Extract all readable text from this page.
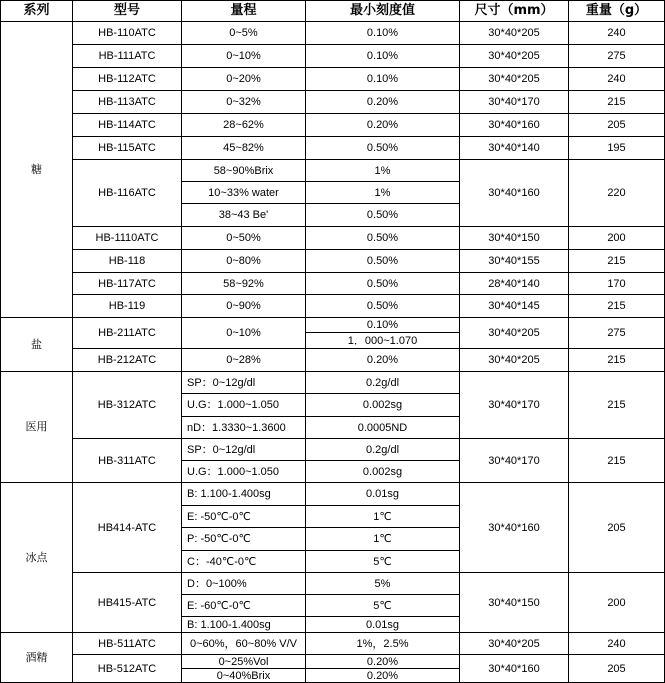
系列	型号	量程	最小刻度值	尺寸（mm）	重量（g）
糖	HB-110ATC	0~5%	0.10%	30*40*205	240
	HB-111ATC	0~10%	0.10%	30*40*205	275
	HB-112ATC	0~20%	0.10%	30*40*205	240
	HB-113ATC	0~32%	0.20%	30*40*170	215
	HB-114ATC	28~62%	0.20%	30*40*160	205
	HB-115ATC	45~82%	0.50%	30*40*140	195
	HB-116ATC	58~90%Brix	1%	30*40*160	220
		10~33% water	1%		
		38~43 Be'	0.50%		
	HB-1110ATC	0~50%	0.50%	30*40*150	200
	HB-118	0~80%	0.50%	30*40*155	215
	HB-117ATC	58~92%	0.50%	28*40*140	170
	HB-119	0~90%	0.50%	30*40*145	215
盐	HB-211ATC	0~10%	0.10%	30*40*205	275
			1．000~1.070		
	HB-212ATC	0~28%	0.20%	30*40*205	215
医用	HB-312ATC	SP：0~12g/dl	0.2g/dl	30*40*170	215
		U.G：1.000~1.050	0.002sg		
		nD：1.3330~1.3600	0.0005ND		
	HB-311ATC	SP：0~12g/dl	0.2g/dl	30*40*170	215
		U.G：1.000~1.050	0.002sg		
冰点	HB414-ATC	B: 1.100-1.400sg	0.01sg	30*40*160	205
		E: -50℃-0℃	1℃		
		P: -50℃-0℃	1℃		
		C：-40℃-0℃	5℃		
	HB415-ATC	D：0~100%	5%	30*40*150	200
		E: -60℃-0℃	5℃		
		B: 1.100-1.400sg	0.01sg		
酒精	HB-511ATC	0~60%，60~80% V/V	1%，2.5%	30*40*205	240
	HB-512ATC	0~25%Vol	0.20%	30*40*160	205
		0~40%Brix	0.20%		
